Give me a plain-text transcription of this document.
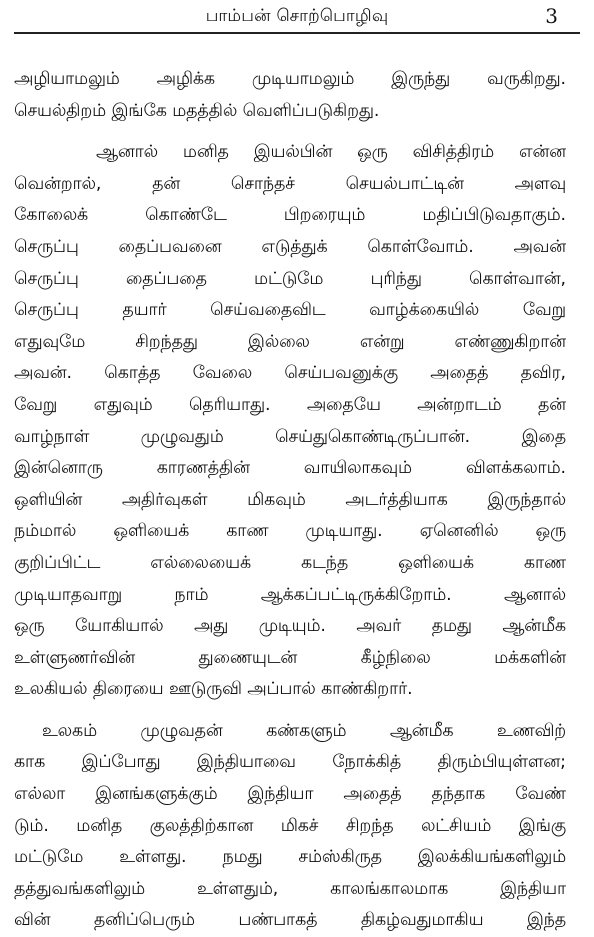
பாம்பன் சொற்பொழிவு	3
அழியாமலும் அழிக்க முடியாமலும் இருந்து வருகிறது.
செயல்திறம் இங்கே மதத்தில் வெளிப்படுகிறது.
ஆனால் மனித இயல்பின் ஒரு விசித்திரம் என்ன
வென்றால், தன் சொந்தச் செயல்பாட்டின் அளவு
கோலைக் கொண்டே பிறரையும் மதிப்பிடுவதாகும்.
செருப்பு தைப்பவனை எடுத்துக் கொள்வோம். அவன்
செருப்பு தைப்பதை மட்டுமே புரிந்து கொள்வான்,
செருப்பு தயார் செய்வதைவிட வாழ்க்கையில் வேறு
எதுவுமே சிறந்தது இல்லை என்று எண்ணுகிறான்
அவன். கொத்த வேலை செய்பவனுக்கு அதைத் தவிர,
வேறு எதுவும் தெரியாது. அதையே அன்றாடம் தன்
வாழ்நாள் முழுவதும் செய்துகொண்டிருப்பான். இதை
இன்னொரு காரணத்தின் வாயிலாகவும் விளக்கலாம்.
ஒளியின் அதிர்வுகள் மிகவும் அடர்த்தியாக இருந்தால்
நம்மால் ஒளியைக் காண முடியாது. ஏனெனில் ஒரு
குறிப்பிட்ட எல்லையைக் கடந்த ஒளியைக் காண
முடியாதவாறு நாம் ஆக்கப்பட்டிருக்கிறோம். ஆனால்
ஒரு யோகியால் அது முடியும். அவர் தமது ஆன்மீக
உள்ளுணர்வின் துணையுடன் கீழ்நிலை மக்களின்
உலகியல் திரையை ஊடுருவி அப்பால் காண்கிறார்.
உலகம் முழுவதன் கண்களும் ஆன்மீக உணவிற்
காக இப்போது இந்தியாவை நோக்கித் திரும்பியுள்ளன;
எல்லா இனங்களுக்கும் இந்தியா அதைத் தந்தாக வேண்
டும். மனித குலத்திற்கான மிகச் சிறந்த லட்சியம் இங்கு
மட்டுமே உள்ளது. நமது சம்ஸ்கிருத இலக்கியங்களிலும்
தத்துவங்களிலும் உள்ளதும், காலங்காலமாக இந்தியா
வின் தனிப்பெரும் பண்பாகத் திகழ்வதுமாகிய இந்த
